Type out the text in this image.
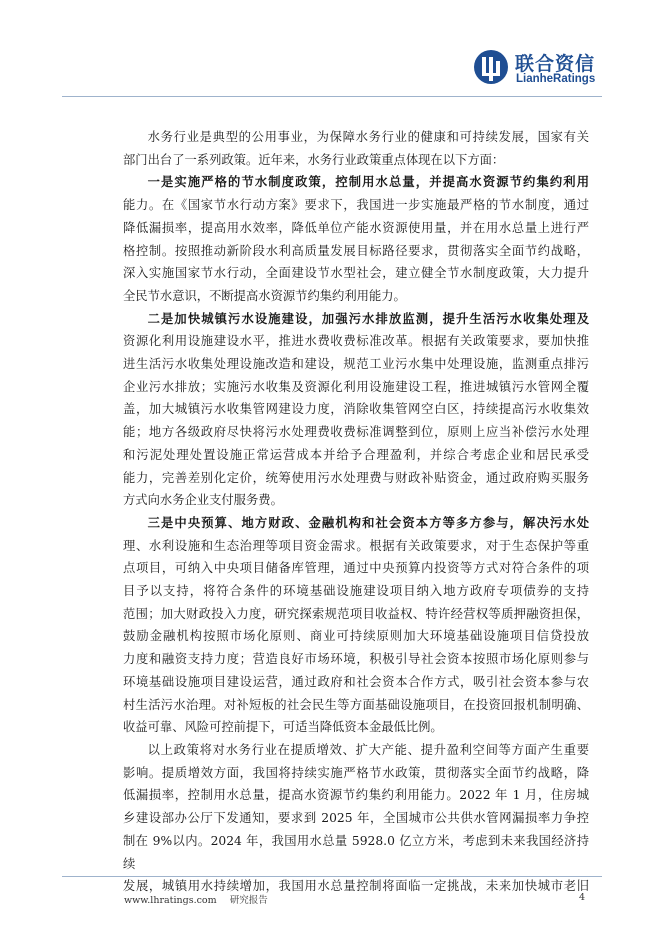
联合资信
LianheRatings
水务行业是典型的公用事业，为保障水务行业的健康和可持续发展，国家有关
部门出台了一系列政策。近年来，水务行业政策重点体现在以下方面：
一是实施严格的节水制度政策，控制用水总量，并提高水资源节约集约利用
能力。在《国家节水行动方案》要求下，我国进一步实施最严格的节水制度，通过
降低漏损率，提高用水效率，降低单位产能水资源使用量，并在用水总量上进行严
格控制。按照推动新阶段水利高质量发展目标路径要求，贯彻落实全面节约战略，
深入实施国家节水行动，全面建设节水型社会，建立健全节水制度政策，大力提升
全民节水意识，不断提高水资源节约集约利用能力。
二是加快城镇污水设施建设，加强污水排放监测，提升生活污水收集处理及
资源化利用设施建设水平，推进水费收费标准改革。根据有关政策要求，要加快推
进生活污水收集处理设施改造和建设，规范工业污水集中处理设施，监测重点排污
企业污水排放；实施污水收集及资源化利用设施建设工程，推进城镇污水管网全覆
盖，加大城镇污水收集管网建设力度，消除收集管网空白区，持续提高污水收集效
能；地方各级政府尽快将污水处理费收费标准调整到位，原则上应当补偿污水处理
和污泥处理处置设施正常运营成本并给予合理盈利，并综合考虑企业和居民承受
能力，完善差别化定价，统筹使用污水处理费与财政补贴资金，通过政府购买服务
方式向水务企业支付服务费。
三是中央预算、地方财政、金融机构和社会资本方等多方参与，解决污水处
理、水利设施和生态治理等项目资金需求。根据有关政策要求，对于生态保护等重
点项目，可纳入中央项目储备库管理，通过中央预算内投资等方式对符合条件的项
目予以支持，将符合条件的环境基础设施建设项目纳入地方政府专项债券的支持
范围；加大财政投入力度，研究探索规范项目收益权、特许经营权等质押融资担保，
鼓励金融机构按照市场化原则、商业可持续原则加大环境基础设施项目信贷投放
力度和融资支持力度；营造良好市场环境，积极引导社会资本按照市场化原则参与
环境基础设施项目建设运营，通过政府和社会资本合作方式，吸引社会资本参与农
村生活污水治理。对补短板的社会民生等方面基础设施项目，在投资回报机制明确、
收益可靠、风险可控前提下，可适当降低资本金最低比例。
以上政策将对水务行业在提质增效、扩大产能、提升盈利空间等方面产生重要
影响。提质增效方面，我国将持续实施严格节水政策，贯彻落实全面节约战略，降
低漏损率，控制用水总量，提高水资源节约集约利用能力。2022 年 1 月，住房城
乡建设部办公厅下发通知，要求到 2025 年，全国城市公共供水管网漏损率力争控
制在 9%以内。2024 年，我国用水总量 5928.0 亿立方米，考虑到未来我国经济持续
发展，城镇用水持续增加，我国用水总量控制将面临一定挑战，未来加快城市老旧
www.lhratings.com 研究报告	4
